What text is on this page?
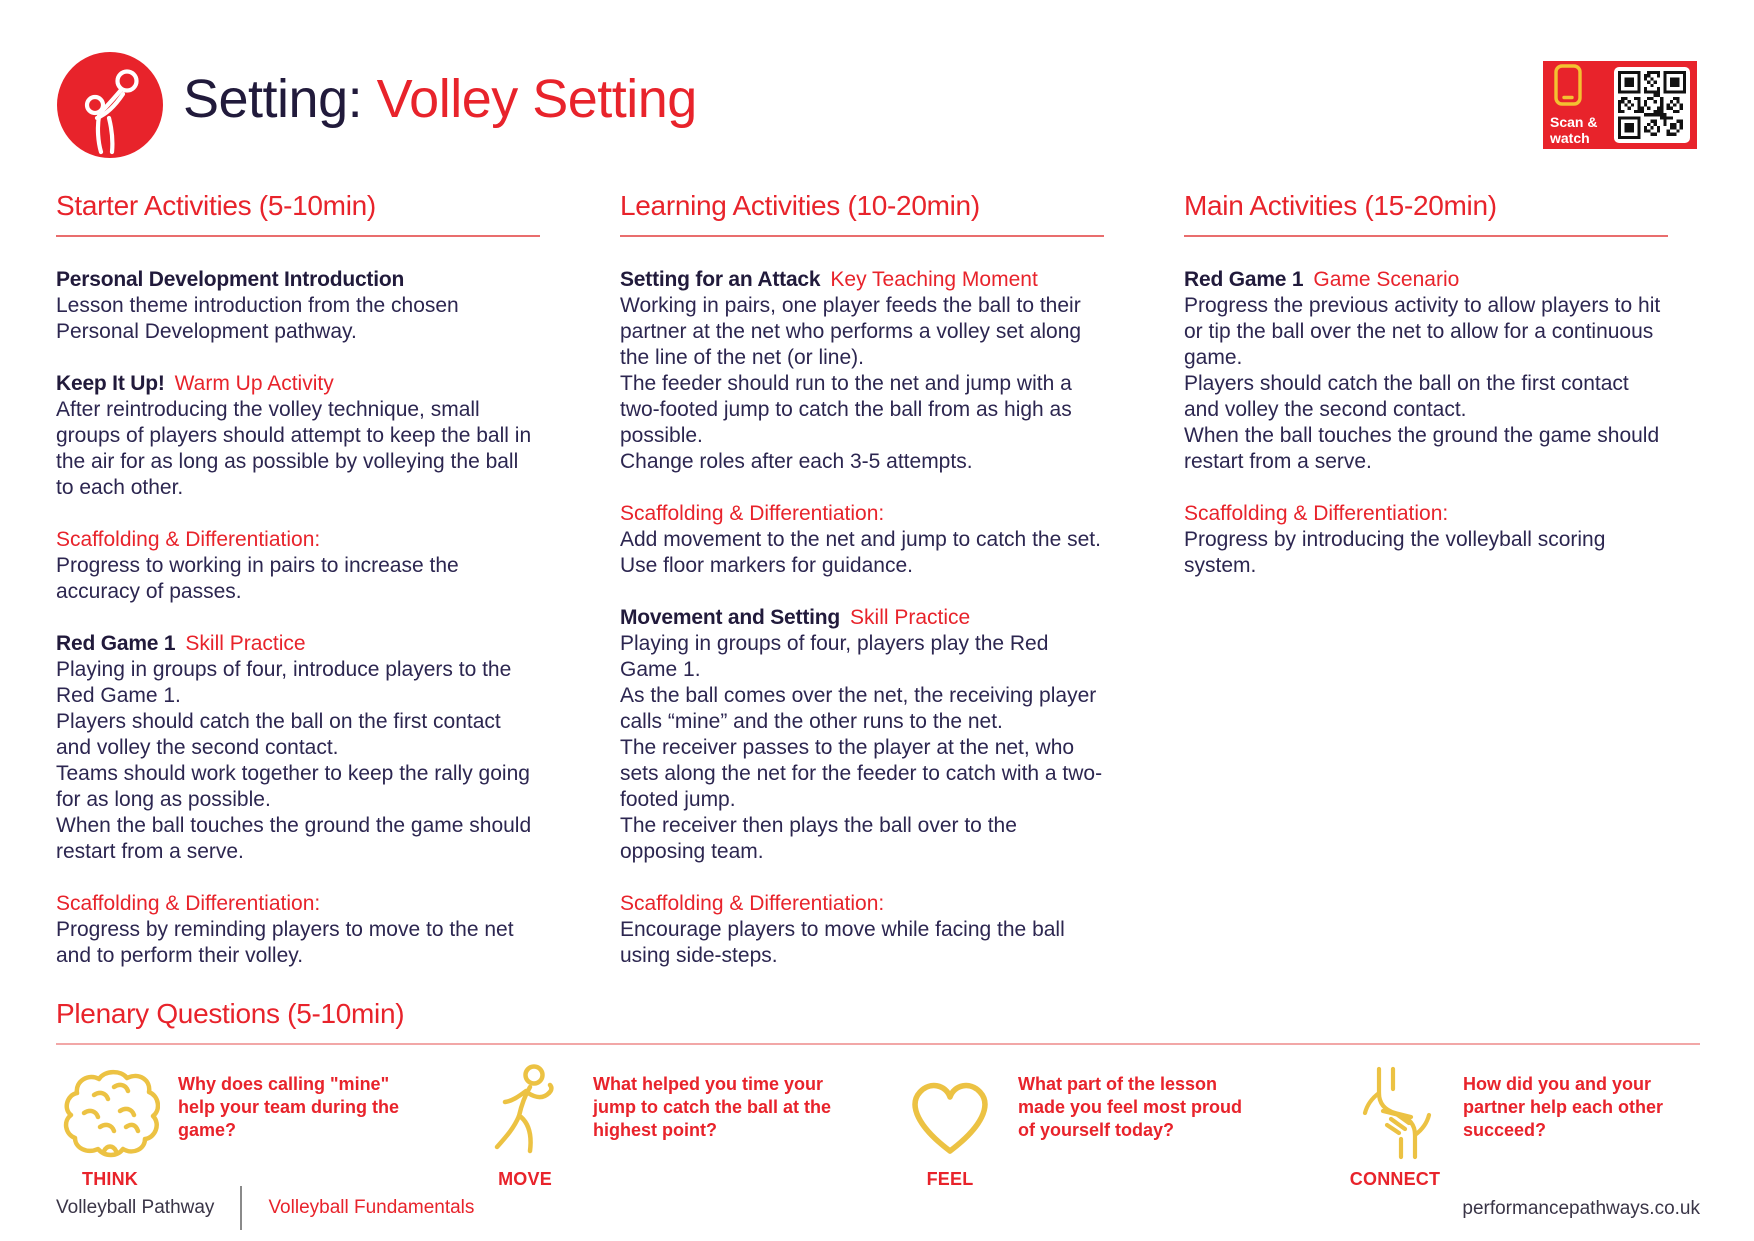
Setting: Volley Setting	Scan &
watch
Starter Activities (5-10min)
Personal Development Introduction
Lesson theme introduction from the chosen Personal Development pathway.
Keep It Up! Warm Up Activity
After reintroducing the volley technique, small groups of players should attempt to keep the ball in the air for as long as possible by volleying the ball to each other.
Scaffolding & Differentiation:
Progress to working in pairs to increase the accuracy of passes.
Red Game 1 Skill Practice
Playing in groups of four, introduce players to the Red Game 1.
Players should catch the ball on the first contact and volley the second contact.
Teams should work together to keep the rally going for as long as possible.
When the ball touches the ground the game should restart from a serve.
Scaffolding & Differentiation:
Progress by reminding players to move to the net and to perform their volley.
Learning Activities (10-20min)
Setting for an Attack Key Teaching Moment
Working in pairs, one player feeds the ball to their partner at the net who performs a volley set along the line of the net (or line).
The feeder should run to the net and jump with a two-footed jump to catch the ball from as high as possible.
Change roles after each 3-5 attempts.
Scaffolding & Differentiation:
Add movement to the net and jump to catch the set. Use floor markers for guidance.
Movement and Setting Skill Practice
Playing in groups of four, players play the Red Game 1.
As the ball comes over the net, the receiving player calls “mine” and the other runs to the net.
The receiver passes to the player at the net, who sets along the net for the feeder to catch with a two-footed jump.
The receiver then plays the ball over to the opposing team.
Scaffolding & Differentiation:
Encourage players to move while facing the ball using side-steps.
Main Activities (15-20min)
Red Game 1 Game Scenario
Progress the previous activity to allow players to hit or tip the ball over the net to allow for a continuous game.
Players should catch the ball on the first contact and volley the second contact.
When the ball touches the ground the game should restart from a serve.
Scaffolding & Differentiation:
Progress by introducing the volleyball scoring system.
Plenary Questions (5-10min)
THINK
Why does calling "mine" help your team during the game?
MOVE
What helped you time your jump to catch the ball at the highest point?
FEEL
What part of the lesson made you feel most proud of yourself today?
CONNECT
How did you and your partner help each other succeed?
Volleyball Pathway	Volleyball Fundamentals	performancepathways.co.uk
